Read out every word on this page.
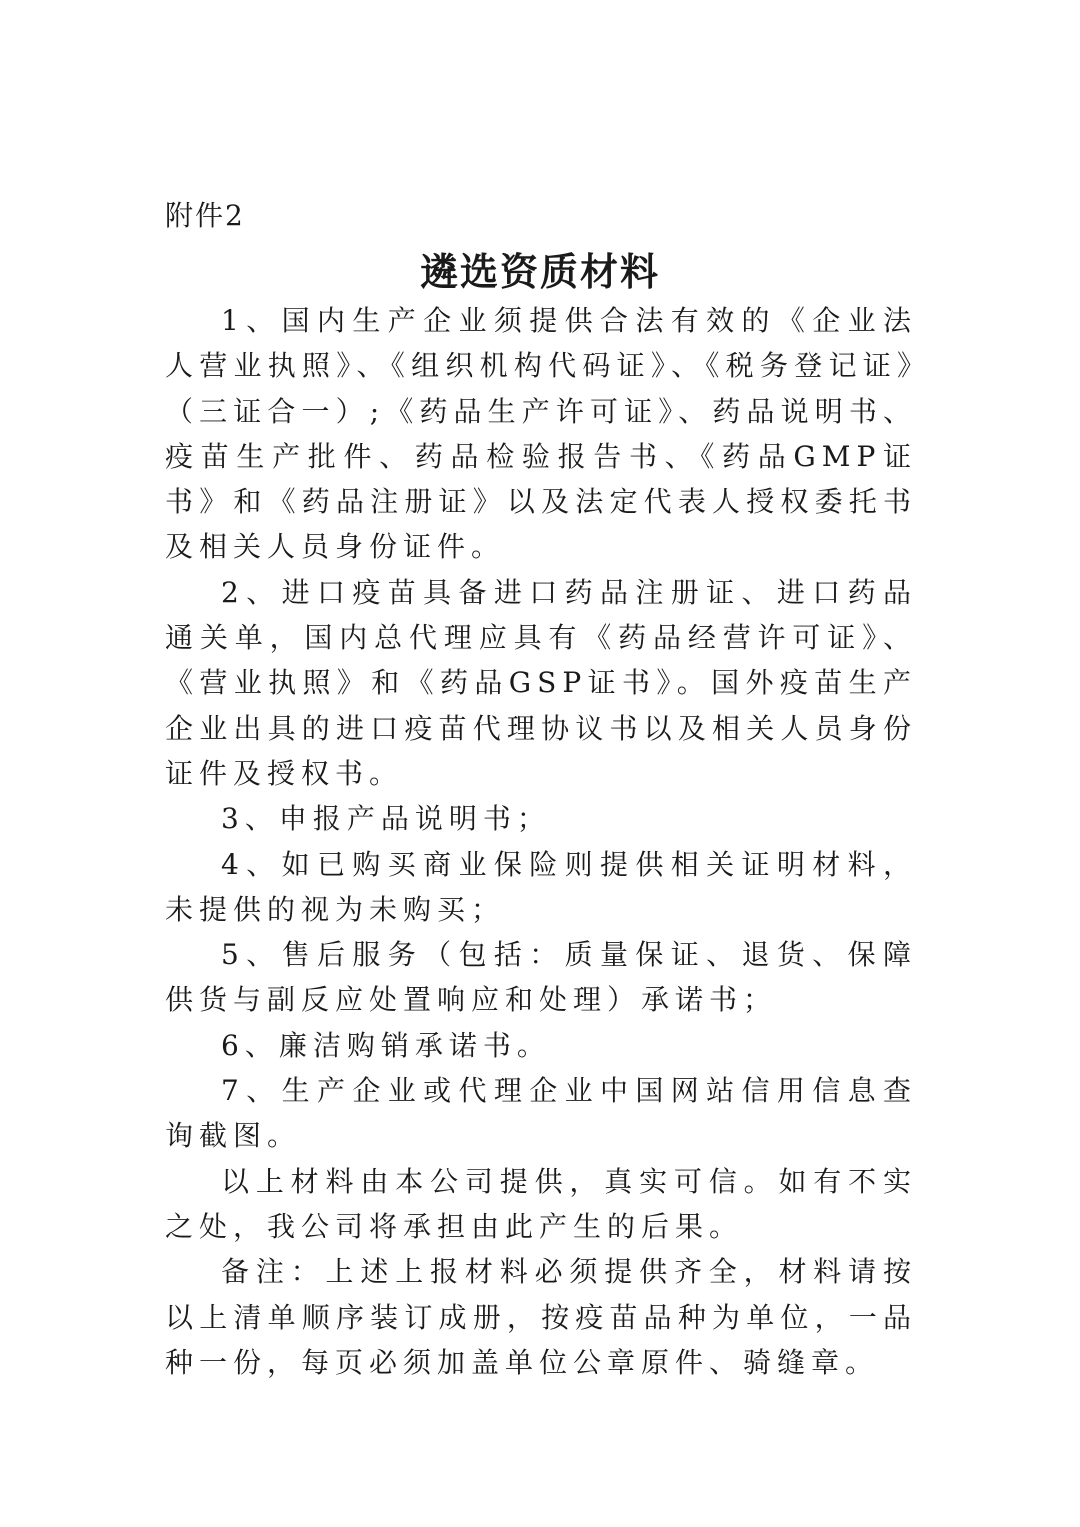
附件2
遴选资质材料

1、国内生产企业须提供合法有效的《企业法人营业执照》、《组织机构代码证》、《税务登记证》（三证合一）;《药品生产许可证》、药品说明书、疫苗生产批件、药品检验报告书、《药品GMP证书》和《药品注册证》以及法定代表人授权委托书及相关人员身份证件。

2、进口疫苗具备进口药品注册证、进口药品通关单，国内总代理应具有《药品经营许可证》、《营业执照》和《药品GSP证书》。国外疫苗生产企业出具的进口疫苗代理协议书以及相关人员身份证件及授权书。

3、申报产品说明书；

4、如已购买商业保险则提供相关证明材料，未提供的视为未购买；

5、售后服务（包括：质量保证、退货、保障供货与副反应处置响应和处理）承诺书；

6、廉洁购销承诺书。

7、生产企业或代理企业中国网站信用信息查询截图。

以上材料由本公司提供，真实可信。如有不实之处，我公司将承担由此产生的后果。

备注：上述上报材料必须提供齐全，材料请按以上清单顺序装订成册，按疫苗品种为单位，一品种一份，每页必须加盖单位公章原件、骑缝章。
